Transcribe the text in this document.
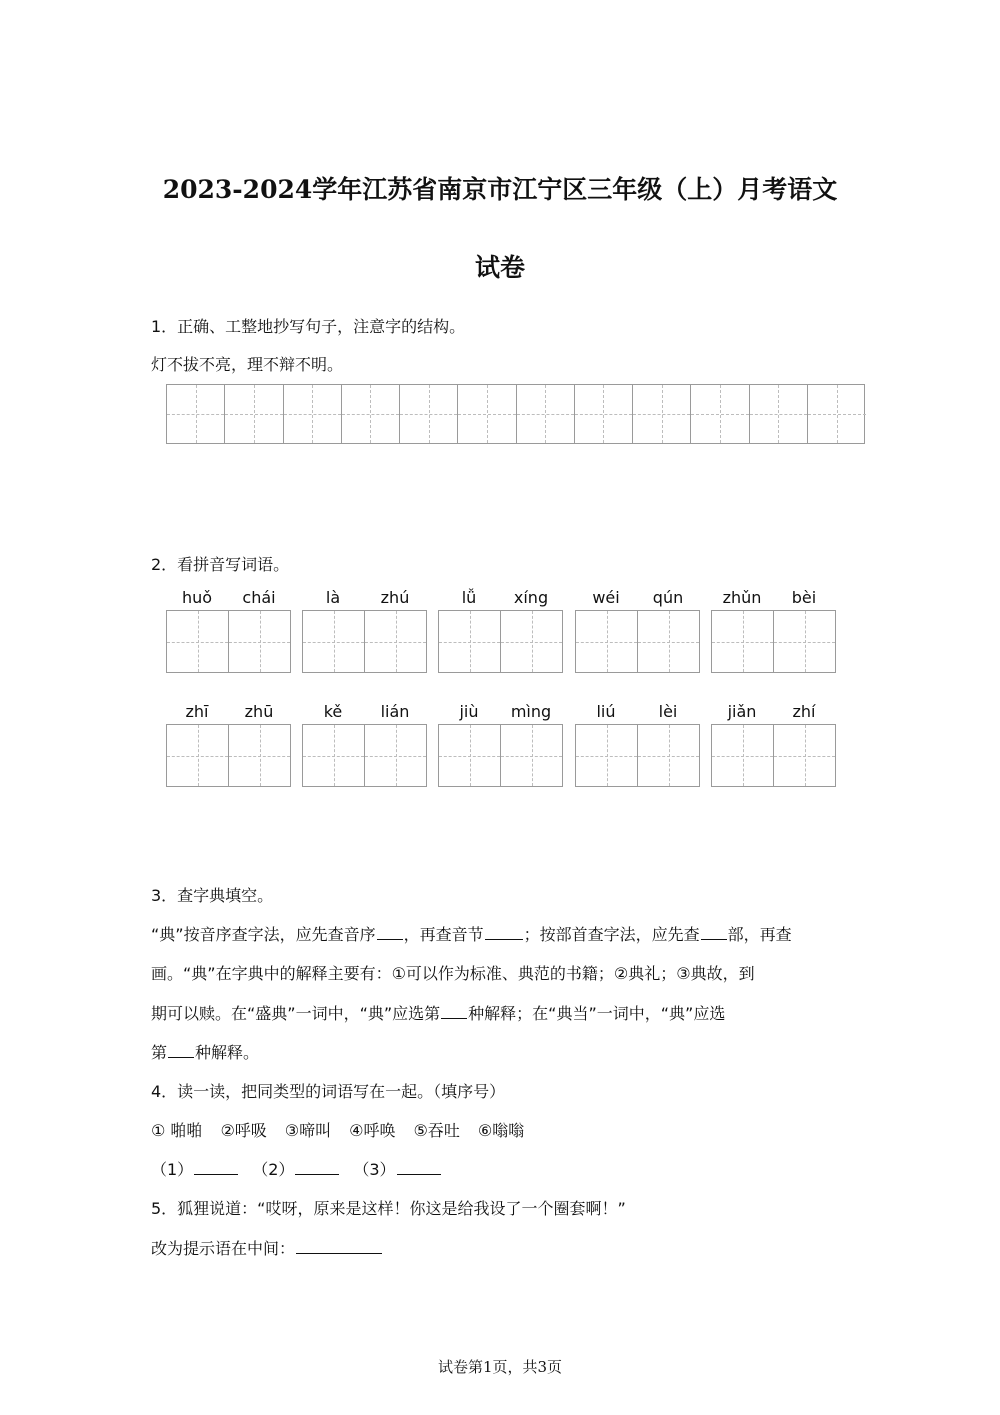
2023-2024学年江苏省南京市江宁区三年级（上）月考语文
试卷
1．正确、工整地抄写句子，注意字的结构。
灯不拔不亮，理不辩不明。
2．看拼音写词语。
huǒ	chái	là	zhú	lǚ	xíng	wéi	qún	zhǔn	bèi
zhī	zhū	kě	lián	jiù	mìng	liú	lèi	jiǎn	zhí
3．查字典填空。
“典”按音序查字法，应先查音序 ，再查音节	；按部首查字法，应先查 部，再查
画。“典”在字典中的解释主要有：①可以作为标准、典范的书籍；②典礼；③典故，到
期可以赎。在“盛典”一词中，“典”应选第 种解释；在“典当”一词中，“典”应选
第 种解释。
4．读一读，把同类型的词语写在一起。（填序号）
① 啪啪 ②呼吸 ③啼叫 ④呼唤 ⑤吞吐 ⑥嗡嗡
（1）	（2）	（3）
5．狐狸说道：“哎呀，原来是这样！你这是给我设了一个圈套啊！”
改为提示语在中间：
试卷第1页，共3页
